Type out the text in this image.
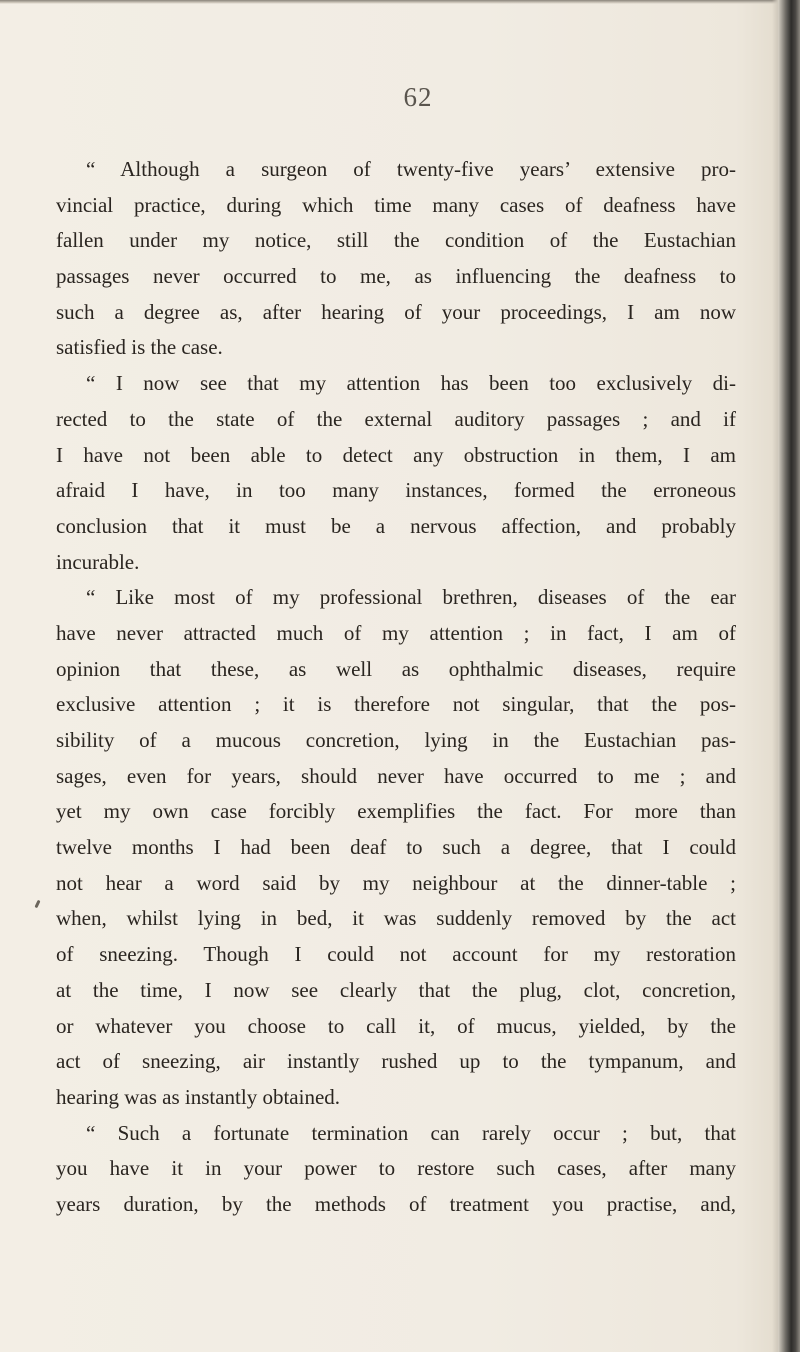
62

“ Although a surgeon of twenty-five years’ extensive pro-
vincial practice, during which time many cases of deafness have
fallen under my notice, still the condition of the Eustachian
passages never occurred to me, as influencing the deafness to
such a degree as, after hearing of your proceedings, I am now
satisfied is the case.

“ I now see that my attention has been too exclusively di-
rected to the state of the external auditory passages ; and if
I have not been able to detect any obstruction in them, I am
afraid I have, in too many instances, formed the erroneous
conclusion that it must be a nervous affection, and probably
incurable.

“ Like most of my professional brethren, diseases of the ear
have never attracted much of my attention ; in fact, I am of
opinion that these, as well as ophthalmic diseases, require
exclusive attention ; it is therefore not singular, that the pos-
sibility of a mucous concretion, lying in the Eustachian pas-
sages, even for years, should never have occurred to me ; and
yet my own case forcibly exemplifies the fact. For more than
twelve months I had been deaf to such a degree, that I could
not hear a word said by my neighbour at the dinner-table ;
when, whilst lying in bed, it was suddenly removed by the act
of sneezing. Though I could not account for my restoration
at the time, I now see clearly that the plug, clot, concretion,
or whatever you choose to call it, of mucus, yielded, by the
act of sneezing, air instantly rushed up to the tympanum, and
hearing was as instantly obtained.

“ Such a fortunate termination can rarely occur ; but, that
you have it in your power to restore such cases, after many
years duration, by the methods of treatment you practise, and,
